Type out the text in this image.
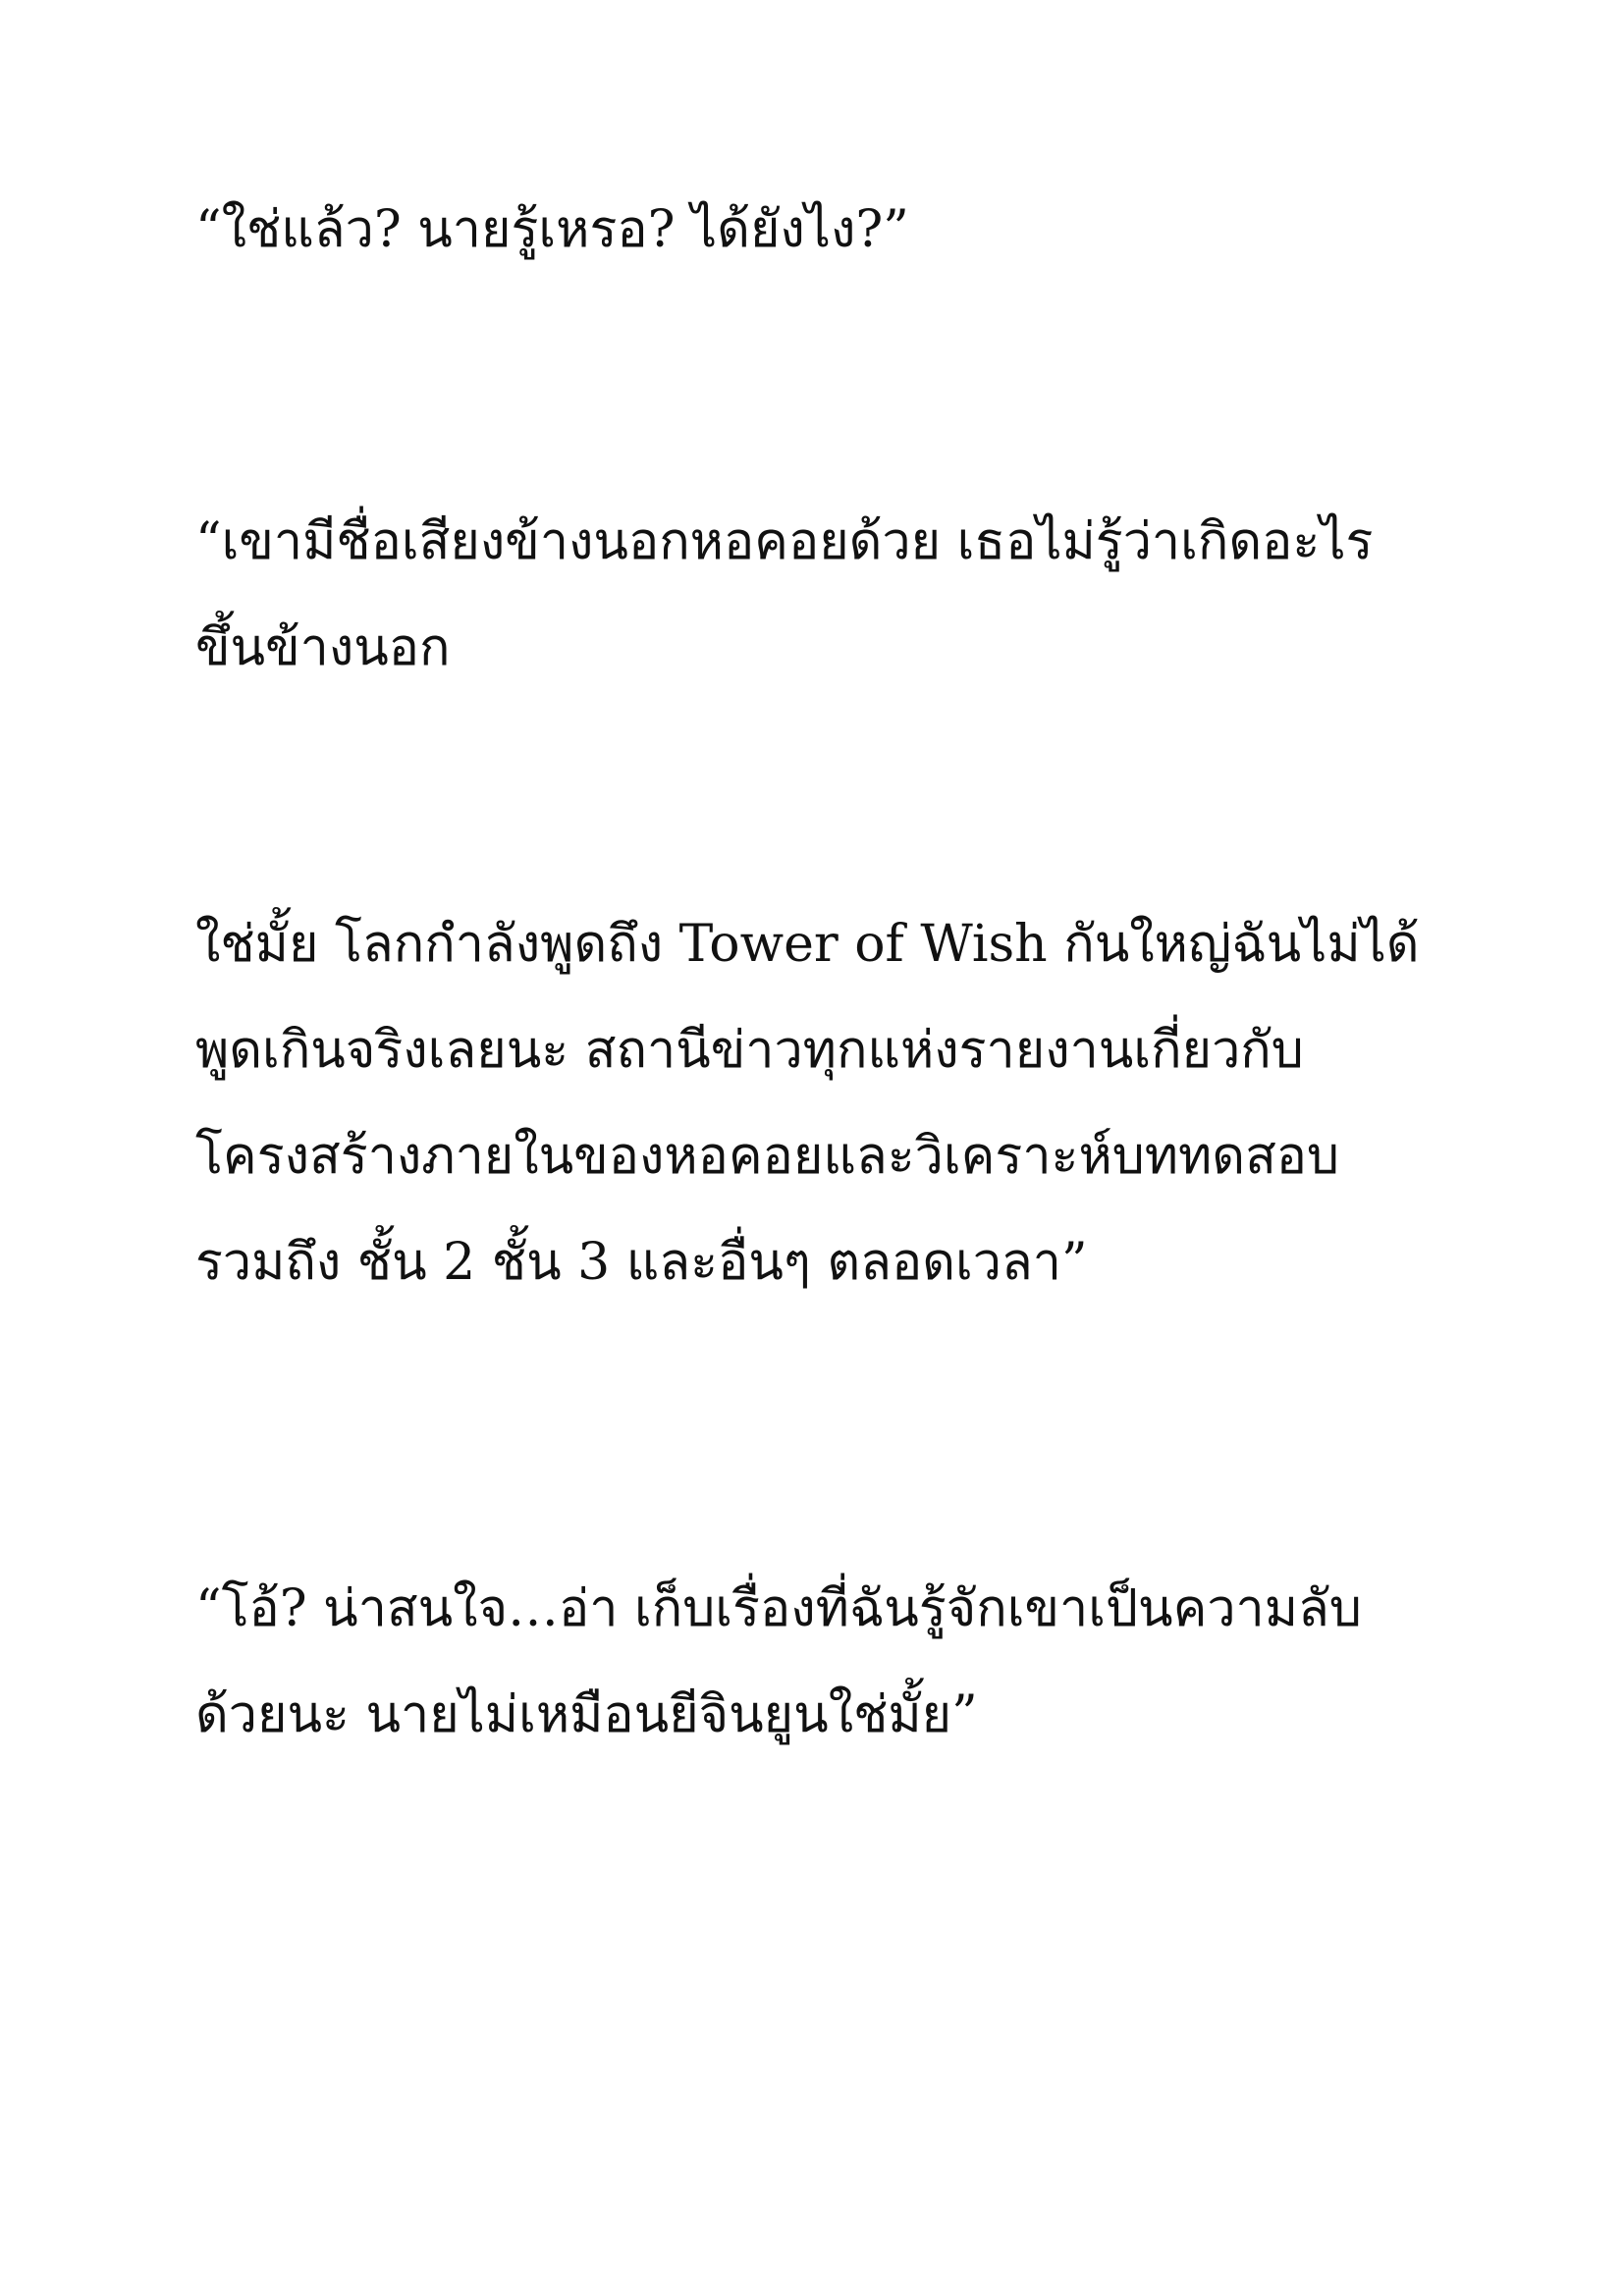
“ใช่แล้ว? นายรู้เหรอ? ได้ยังไง?”

“เขามีชื่อเสียงข้างนอกหอคอยด้วย เธอไม่รู้ว่าเกิดอะไร
ขึ้นข้างนอก

ใช่มั้ย โลกกำลังพูดถึง Tower of Wish กันใหญ่ฉันไม่ได้
พูดเกินจริงเลยนะ สถานีข่าวทุกแห่งรายงานเกี่ยวกับ
โครงสร้างภายในของหอคอยและวิเคราะห์บททดสอบ
รวมถึง ชั้น 2 ชั้น 3 และอื่นๆ ตลอดเวลา”

“โอ้? น่าสนใจ…อ่า เก็บเรื่องที่ฉันรู้จักเขาเป็นความลับ
ด้วยนะ นายไม่เหมือนยีจินยูนใช่มั้ย”
